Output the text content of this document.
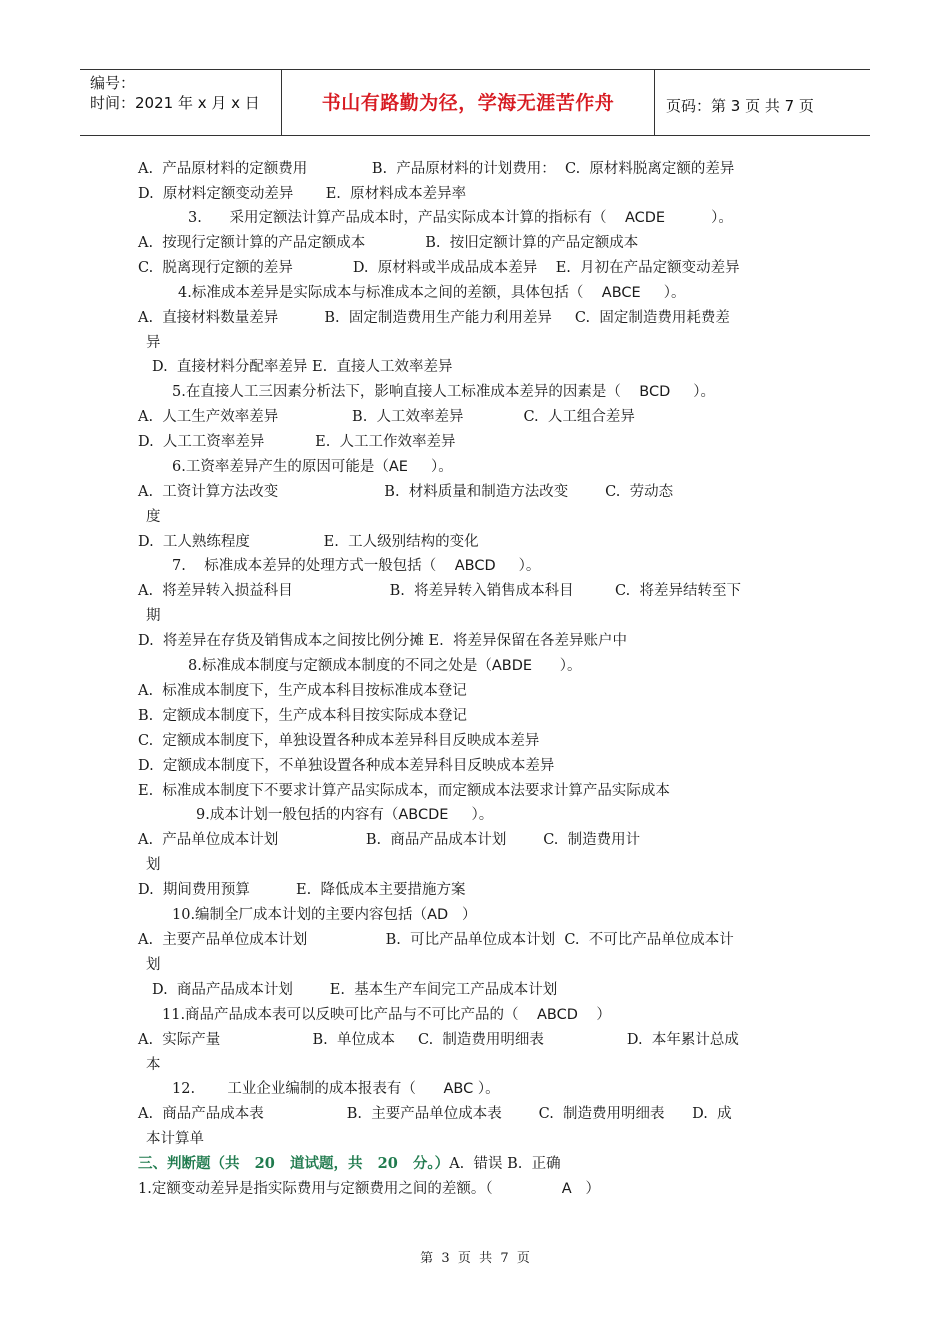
编号：
时间：2021 年 x 月 x 日	书山有路勤为径，学海无涯苦作舟	页码：第 3 页 共 7 页
A.  产品原材料的定额费用              B.  产品原材料的计划费用：  C.  原材料脱离定额的差异
D.  原材料定额变动差异       E.  原材料成本差异率
3.      采用定额法计算产品成本时，产品实际成本计算的指标有（    ACDE          ）。
A.  按现行定额计算的产品定额成本             B.  按旧定额计算的产品定额成本
C.  脱离现行定额的差异             D.  原材料或半成品成本差异    E.  月初在产品定额变动差异
4.标准成本差异是实际成本与标准成本之间的差额，具体包括（    ABCE     ）。
A.  直接材料数量差异          B.  固定制造费用生产能力利用差异     C.  固定制造费用耗费差
异
D.  直接材料分配率差异 E.  直接人工效率差异
5.在直接人工三因素分析法下，影响直接人工标准成本差异的因素是（    BCD     ）。
A.  人工生产效率差异                B.  人工效率差异             C.  人工组合差异
D.  人工工资率差异           E.  人工工作效率差异
6.工资率差异产生的原因可能是（AE     ）。
A.  工资计算方法改变                       B.  材料质量和制造方法改变        C.  劳动态
度
D.  工人熟练程度                E.  工人级别结构的变化
7.    标准成本差异的处理方式一般包括（    ABCD     ）。
A.  将差异转入损益科目                     B.  将差异转入销售成本科目         C.  将差异结转至下
期
D.  将差异在存货及销售成本之间按比例分摊 E.  将差异保留在各差异账户中
8.标准成本制度与定额成本制度的不同之处是（ABDE      ）。
A.  标准成本制度下，生产成本科目按标准成本登记
B.  定额成本制度下，生产成本科目按实际成本登记
C.  定额成本制度下，单独设置各种成本差异科目反映成本差异
D.  定额成本制度下，不单独设置各种成本差异科目反映成本差异
E.  标准成本制度下不要求计算产品实际成本，而定额成本法要求计算产品实际成本
9.成本计划一般包括的内容有（ABCDE     ）。
A.  产品单位成本计划                   B.  商品产品成本计划        C.  制造费用计
划
D.  期间费用预算          E.  降低成本主要措施方案
10.编制全厂成本计划的主要内容包括（AD   ）
A.  主要产品单位成本计划                 B.  可比产品单位成本计划  C.  不可比产品单位成本计
划
D.  商品产品成本计划        E.  基本生产车间完工产品成本计划
11.商品产品成本表可以反映可比产品与不可比产品的（    ABCD    ）
A.  实际产量                    B.  单位成本     C.  制造费用明细表                  D.  本年累计总成
本
12.       工业企业编制的成本报表有（      ABC ）。
A.  商品产品成本表                  B.  主要产品单位成本表        C.  制造费用明细表      D.  成
本计算单
三、判断题（共   20   道试题，共   20   分。）A.  错误 B.  正确
1.定额变动差异是指实际费用与定额费用之间的差额。（               A   ）
第  3  页  共  7  页
